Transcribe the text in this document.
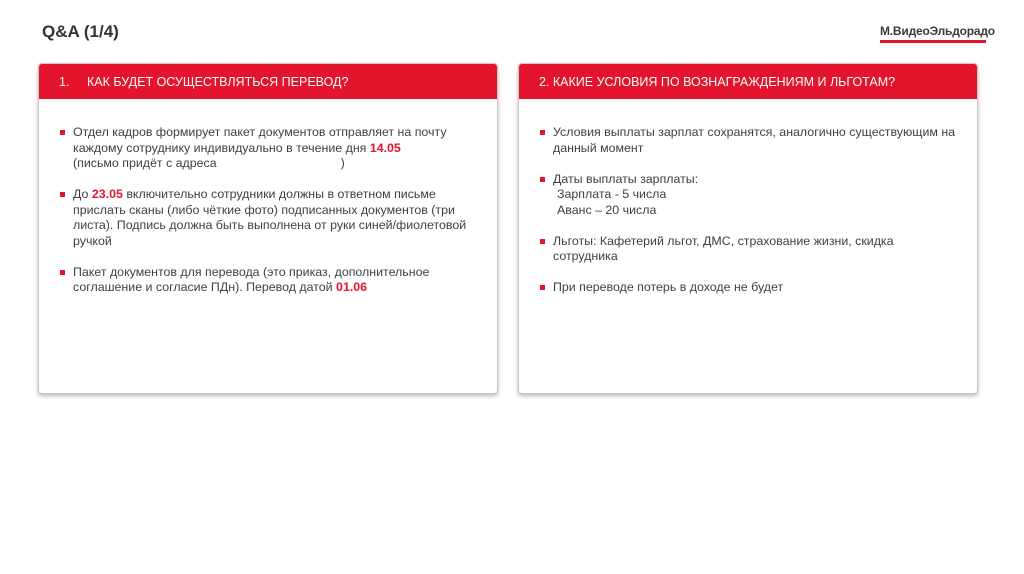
Q&A (1/4)	М.ВидеоЭльдорадо
1.	КАК БУДЕТ ОСУЩЕСТВЛЯТЬСЯ ПЕРЕВОД?
Отдел кадров формирует пакет документов отправляет на почту каждому сотруднику индивидуально в течение дня 14.05
(письмо придёт с адреса	)
До 23.05 включительно сотрудники должны в ответном письме прислать сканы (либо чёткие фото) подписанных документов (три листа). Подпись должна быть выполнена от руки синей/фиолетовой ручкой
Пакет документов для перевода (это приказ, дополнительное соглашение и согласие ПДн). Перевод датой 01.06
2. КАКИЕ УСЛОВИЯ ПО ВОЗНАГРАЖДЕНИЯМ И ЛЬГОТАМ?
Условия выплаты зарплат сохранятся, аналогично существующим на данный момент
Даты выплаты зарплаты:
Зарплата - 5 числа
Аванс – 20 числа
Льготы: Кафетерий льгот, ДМС, страхование жизни, скидка сотрудника
При переводе потерь в доходе не будет
